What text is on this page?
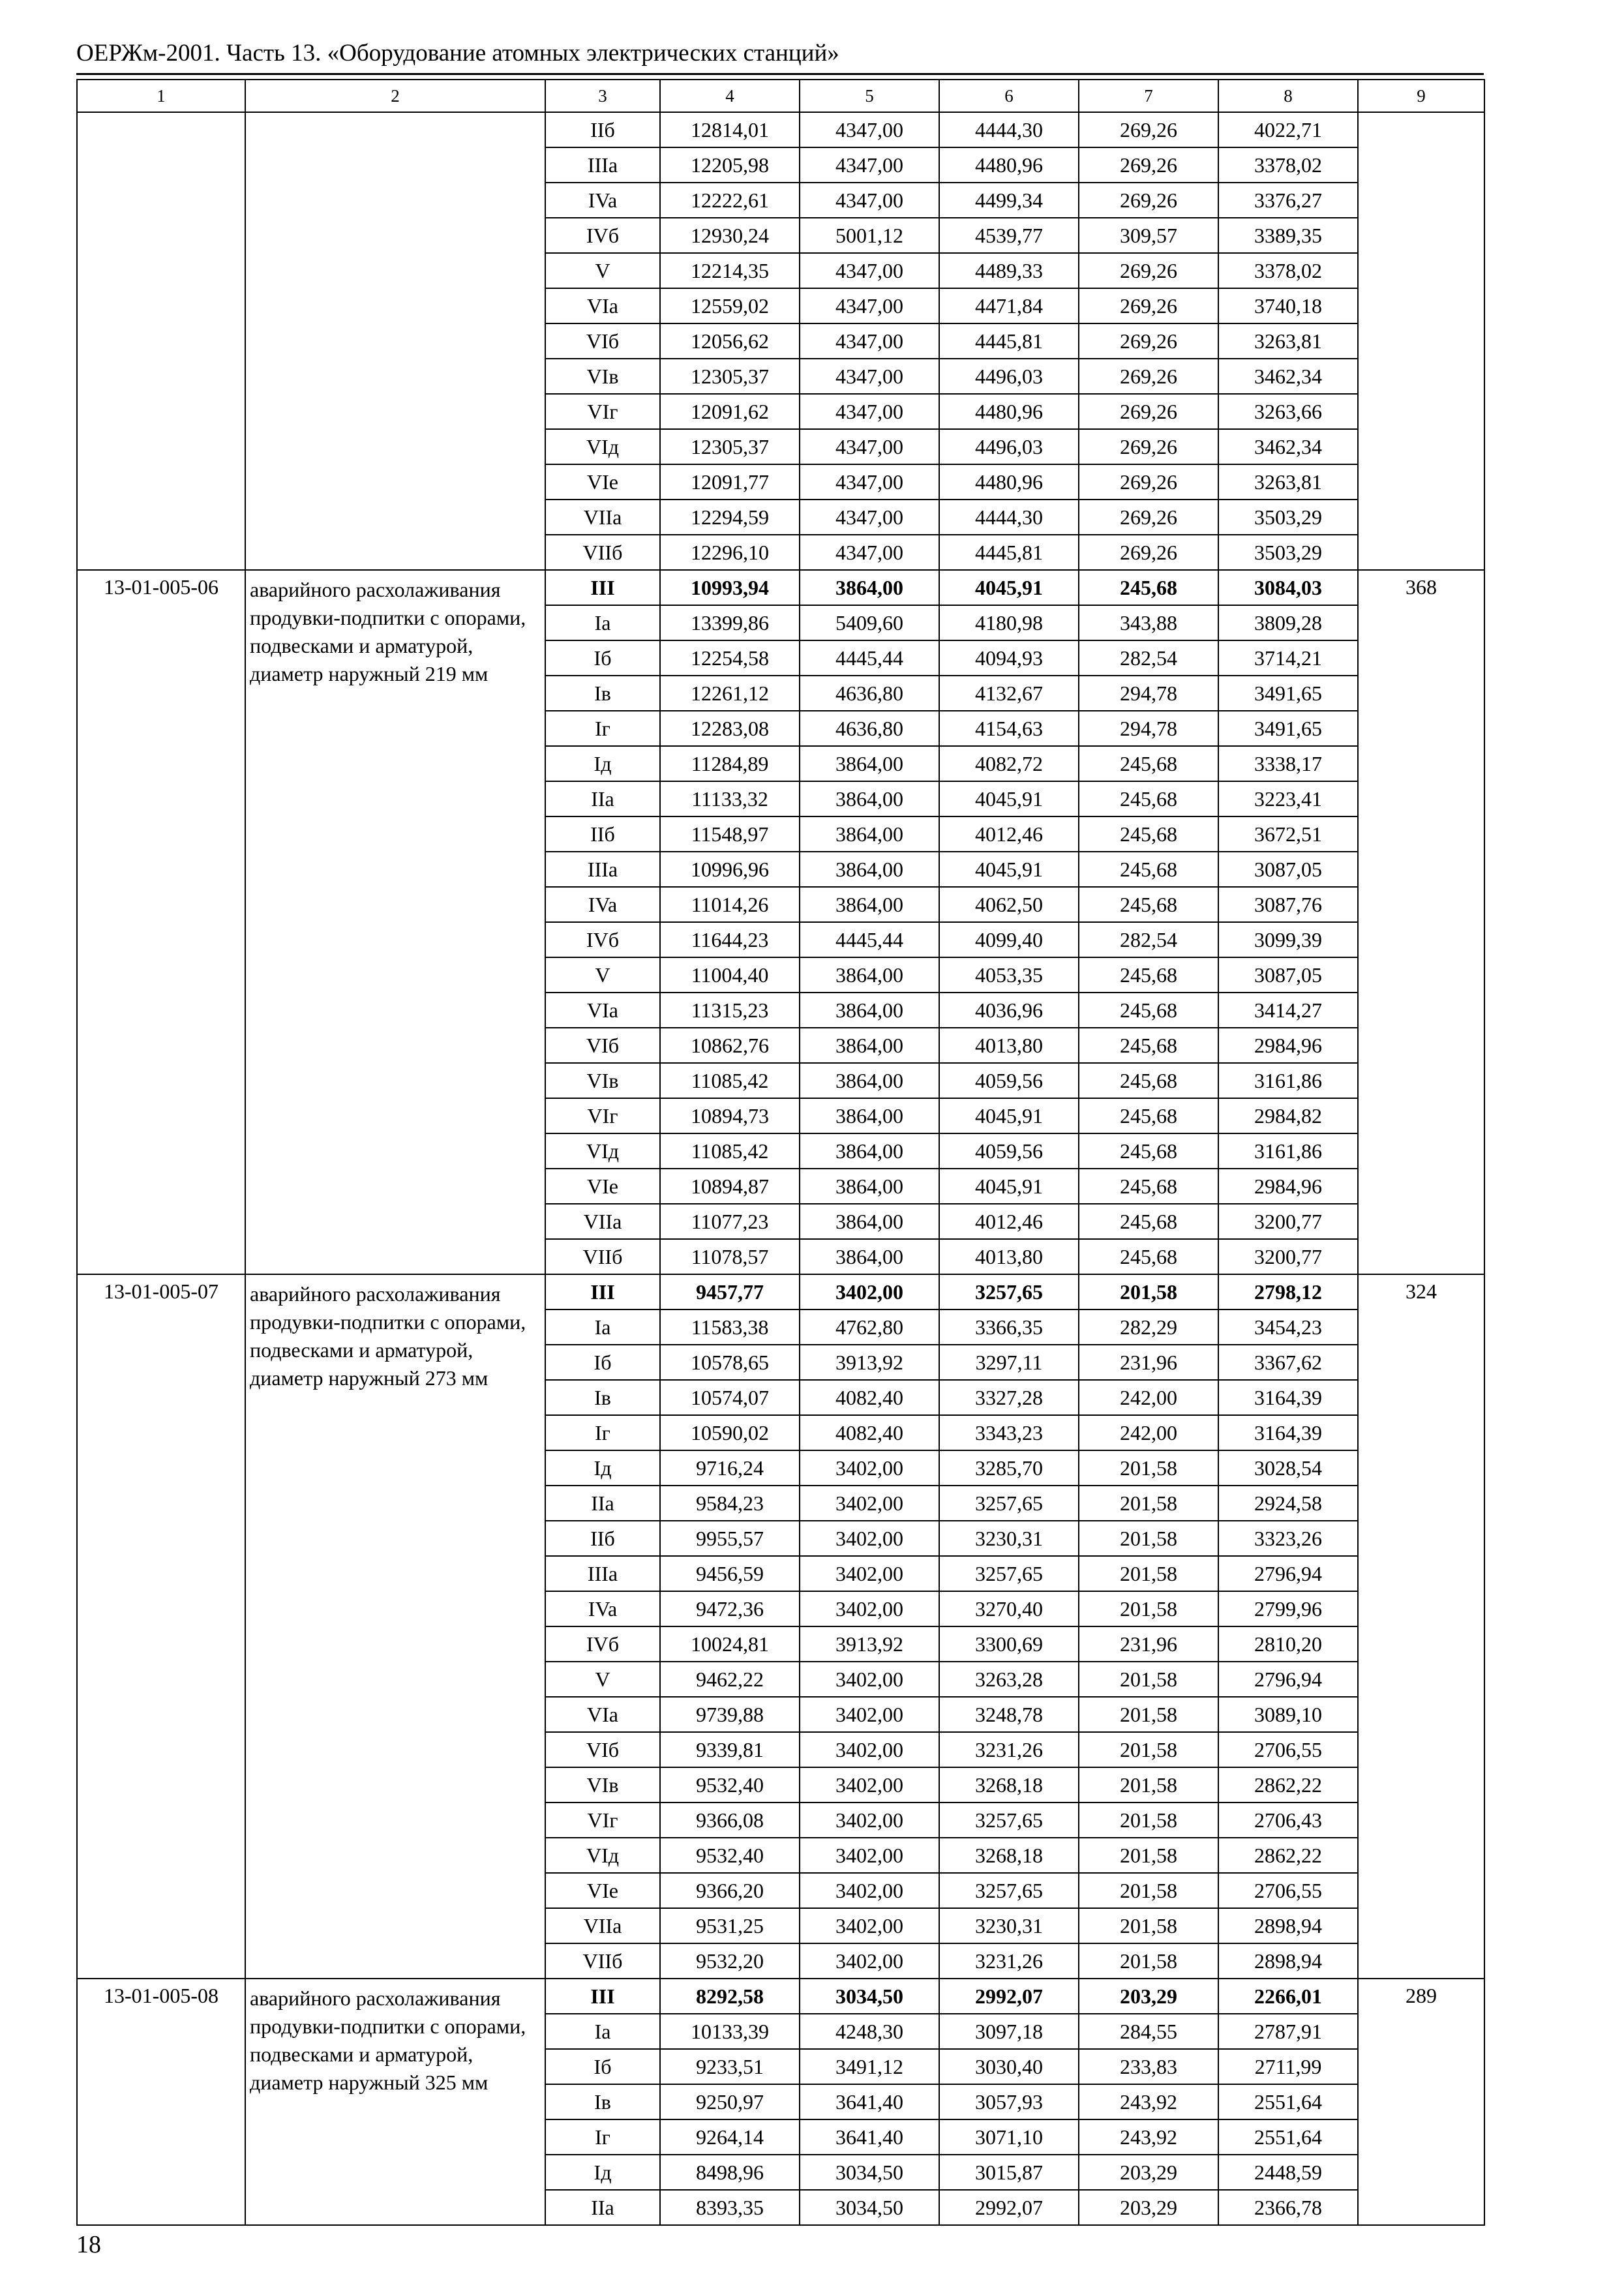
ОЕРЖм-2001. Часть 13. «Оборудование атомных электрических станций»
1	2	3	4	5	6	7	8	9
		IIб	12814,01	4347,00	4444,30	269,26	4022,71	
		IIIa	12205,98	4347,00	4480,96	269,26	3378,02	
		IVa	12222,61	4347,00	4499,34	269,26	3376,27	
		IVб	12930,24	5001,12	4539,77	309,57	3389,35	
		V	12214,35	4347,00	4489,33	269,26	3378,02	
		VIa	12559,02	4347,00	4471,84	269,26	3740,18	
		VIб	12056,62	4347,00	4445,81	269,26	3263,81	
		VIв	12305,37	4347,00	4496,03	269,26	3462,34	
		VIг	12091,62	4347,00	4480,96	269,26	3263,66	
		VIд	12305,37	4347,00	4496,03	269,26	3462,34	
		VIe	12091,77	4347,00	4480,96	269,26	3263,81	
		VIIa	12294,59	4347,00	4444,30	269,26	3503,29	
		VIIб	12296,10	4347,00	4445,81	269,26	3503,29	
13-01-005-06	аварийного расхолаживания продувки-подпитки с опорами, подвесками и арматурой, диаметр наружный 219 мм	III	10993,94	3864,00	4045,91	245,68	3084,03	368
		Ia	13399,86	5409,60	4180,98	343,88	3809,28	
		Iб	12254,58	4445,44	4094,93	282,54	3714,21	
		Iв	12261,12	4636,80	4132,67	294,78	3491,65	
		Iг	12283,08	4636,80	4154,63	294,78	3491,65	
		Iд	11284,89	3864,00	4082,72	245,68	3338,17	
		IIa	11133,32	3864,00	4045,91	245,68	3223,41	
		IIб	11548,97	3864,00	4012,46	245,68	3672,51	
		IIIa	10996,96	3864,00	4045,91	245,68	3087,05	
		IVa	11014,26	3864,00	4062,50	245,68	3087,76	
		IVб	11644,23	4445,44	4099,40	282,54	3099,39	
		V	11004,40	3864,00	4053,35	245,68	3087,05	
		VIa	11315,23	3864,00	4036,96	245,68	3414,27	
		VIб	10862,76	3864,00	4013,80	245,68	2984,96	
		VIв	11085,42	3864,00	4059,56	245,68	3161,86	
		VIг	10894,73	3864,00	4045,91	245,68	2984,82	
		VIд	11085,42	3864,00	4059,56	245,68	3161,86	
		VIe	10894,87	3864,00	4045,91	245,68	2984,96	
		VIIa	11077,23	3864,00	4012,46	245,68	3200,77	
		VIIб	11078,57	3864,00	4013,80	245,68	3200,77	
13-01-005-07	аварийного расхолаживания продувки-подпитки с опорами, подвесками и арматурой, диаметр наружный 273 мм	III	9457,77	3402,00	3257,65	201,58	2798,12	324
		Ia	11583,38	4762,80	3366,35	282,29	3454,23	
		Iб	10578,65	3913,92	3297,11	231,96	3367,62	
		Iв	10574,07	4082,40	3327,28	242,00	3164,39	
		Iг	10590,02	4082,40	3343,23	242,00	3164,39	
		Iд	9716,24	3402,00	3285,70	201,58	3028,54	
		IIa	9584,23	3402,00	3257,65	201,58	2924,58	
		IIб	9955,57	3402,00	3230,31	201,58	3323,26	
		IIIa	9456,59	3402,00	3257,65	201,58	2796,94	
		IVa	9472,36	3402,00	3270,40	201,58	2799,96	
		IVб	10024,81	3913,92	3300,69	231,96	2810,20	
		V	9462,22	3402,00	3263,28	201,58	2796,94	
		VIa	9739,88	3402,00	3248,78	201,58	3089,10	
		VIб	9339,81	3402,00	3231,26	201,58	2706,55	
		VIв	9532,40	3402,00	3268,18	201,58	2862,22	
		VIг	9366,08	3402,00	3257,65	201,58	2706,43	
		VIд	9532,40	3402,00	3268,18	201,58	2862,22	
		VIe	9366,20	3402,00	3257,65	201,58	2706,55	
		VIIa	9531,25	3402,00	3230,31	201,58	2898,94	
		VIIб	9532,20	3402,00	3231,26	201,58	2898,94	
13-01-005-08	аварийного расхолаживания продувки-подпитки с опорами, подвесками и арматурой, диаметр наружный 325 мм	III	8292,58	3034,50	2992,07	203,29	2266,01	289
		Ia	10133,39	4248,30	3097,18	284,55	2787,91	
		Iб	9233,51	3491,12	3030,40	233,83	2711,99	
		Iв	9250,97	3641,40	3057,93	243,92	2551,64	
		Iг	9264,14	3641,40	3071,10	243,92	2551,64	
		Iд	8498,96	3034,50	3015,87	203,29	2448,59	
		IIa	8393,35	3034,50	2992,07	203,29	2366,78	
18
